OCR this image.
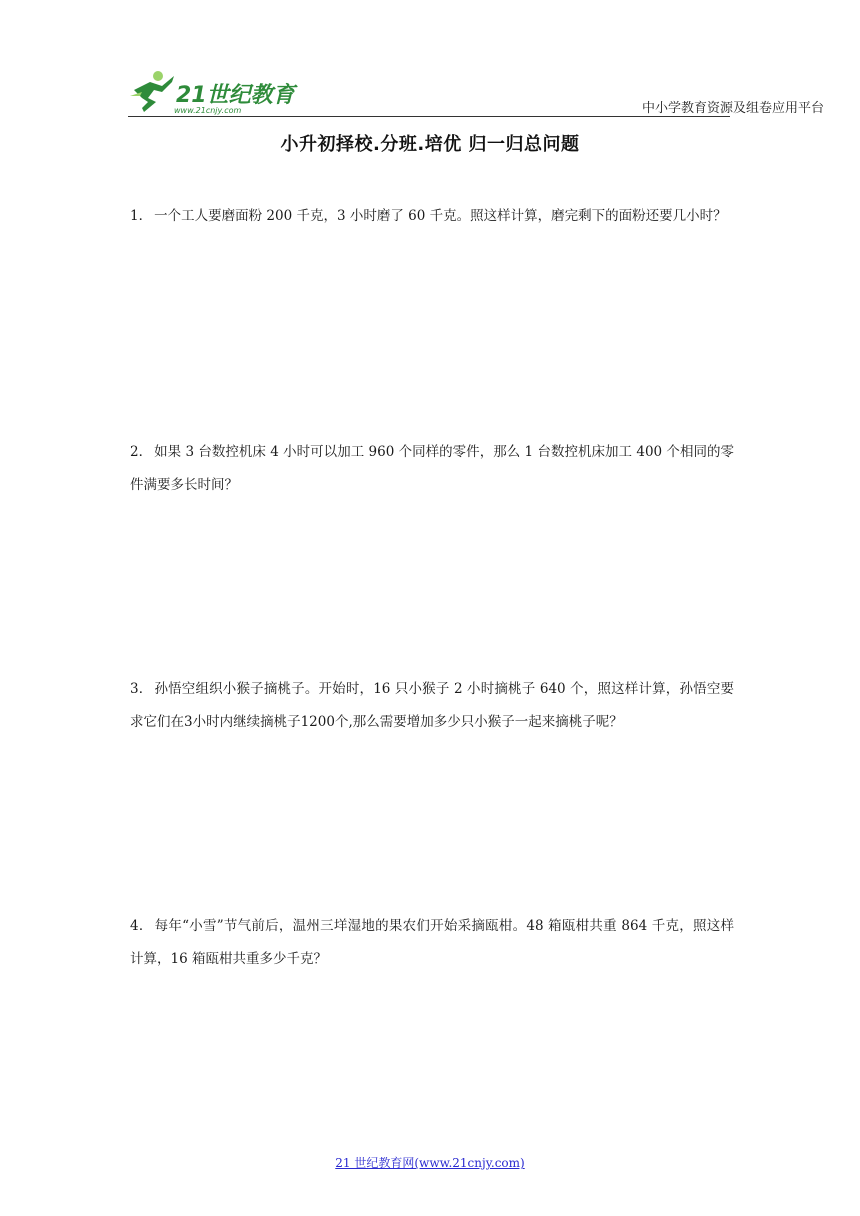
21世纪教育
www.21cnjy.com	中小学教育资源及组卷应用平台
小升初择校.分班.培优 归一归总问题
1． 一个工人要磨面粉 200 千克，3 小时磨了 60 千克。照这样计算，磨完剩下的面粉还要几小时？
2． 如果 3 台数控机床 4 小时可以加工 960 个同样的零件，那么 1 台数控机床加工 400 个相同的零件满要多长时间？
3． 孙悟空组织小猴子摘桃子。开始时，16 只小猴子 2 小时摘桃子 640 个，照这样计算，孙悟空要求它们在3小时内继续摘桃子1200个,那么需要增加多少只小猴子一起来摘桃子呢？
4． 每年“小雪”节气前后，温州三垟湿地的果农们开始采摘瓯柑。48 箱瓯柑共重 864 千克，照这样计算，16 箱瓯柑共重多少千克？
21 世纪教育网(www.21cnjy.com)
